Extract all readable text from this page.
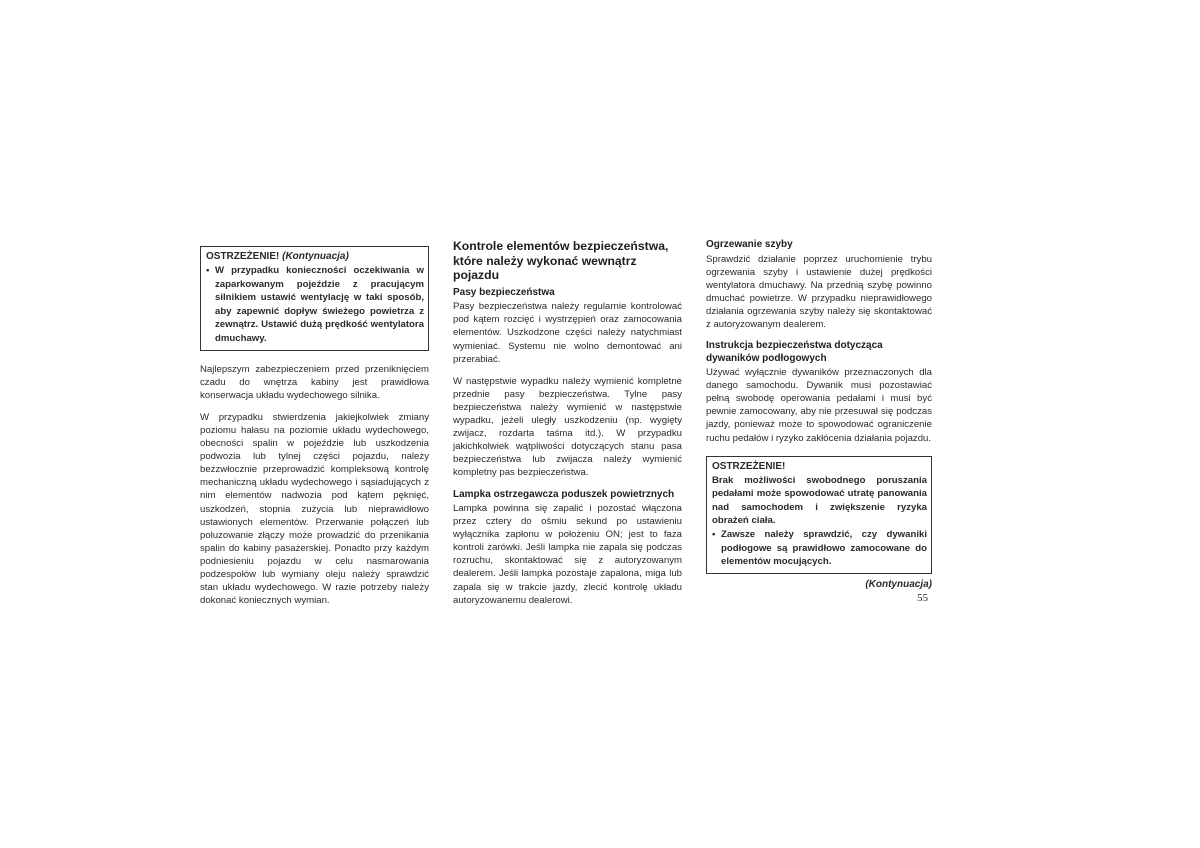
OSTRZEŻENIE! (Kontynuacja)
• W przypadku konieczności oczekiwania w zaparkowanym pojeździe z pracującym silnikiem ustawić wentylację w taki sposób, aby zapewnić dopływ świeżego powietrza z zewnątrz. Ustawić dużą prędkość wentylatora dmuchawy.

Najlepszym zabezpieczeniem przed przeniknięciem czadu do wnętrza kabiny jest prawidłowa konserwacja układu wydechowego silnika.

W przypadku stwierdzenia jakiejkolwiek zmiany poziomu hałasu na poziomie układu wydechowego, obecności spalin w pojeździe lub uszkodzenia podwozia lub tylnej części pojazdu, należy bezzwłocznie przeprowadzić kompleksową kontrolę mechaniczną układu wydechowego i sąsiadujących z nim elementów nadwozia pod kątem pęknięć, uszkodzeń, stopnia zużycia lub nieprawidłowo ustawionych elementów. Przerwanie połączeń lub poluzowanie złączy może prowadzić do przenikania spalin do kabiny pasażerskiej. Ponadto przy każdym podniesieniu pojazdu w celu nasmarowania podzespołów lub wymiany oleju należy sprawdzić stan układu wydechowego. W razie potrzeby należy dokonać koniecznych wymian.

Kontrole elementów bezpieczeństwa, które należy wykonać wewnątrz pojazdu
Pasy bezpieczeństwa

Pasy bezpieczeństwa należy regularnie kontrolować pod kątem rozcięć i wystrzępień oraz zamocowania elementów. Uszkodzone części należy natychmiast wymieniać. Systemu nie wolno demontować ani przerabiać.

W następstwie wypadku należy wymienić kompletne przednie pasy bezpieczeństwa. Tylne pasy bezpieczeństwa należy wymienić w następstwie wypadku, jeżeli uległy uszkodzeniu (np. wygięty zwijacz, rozdarta taśma itd.). W przypadku jakichkolwiek wątpliwości dotyczących stanu pasa bezpieczeństwa lub zwijacza należy wymienić kompletny pas bezpieczeństwa.

Lampka ostrzegawcza poduszek powietrznych

Lampka powinna się zapalić i pozostać włączona przez cztery do ośmiu sekund po ustawieniu wyłącznika zapłonu w położeniu ON; jest to faza kontroli żarówki. Jeśli lampka nie zapala się podczas rozruchu, skontaktować się z autoryzowanym dealerem. Jeśli lampka pozostaje zapalona, miga lub zapala się w trakcie jazdy, zlecić kontrolę układu autoryzowanemu dealerowi.

Ogrzewanie szyby

Sprawdzić działanie poprzez uruchomienie trybu ogrzewania szyby i ustawienie dużej prędkości wentylatora dmuchawy. Na przednią szybę powinno dmuchać powietrze. W przypadku nieprawidłowego działania ogrzewania szyby należy się skontaktować z autoryzowanym dealerem.

Instrukcja bezpieczeństwa dotycząca dywaników podłogowych

Używać wyłącznie dywaników przeznaczonych dla danego samochodu. Dywanik musi pozostawiać pełną swobodę operowania pedałami i musi być pewnie zamocowany, aby nie przesuwał się podczas jazdy, ponieważ może to spowodować ograniczenie ruchu pedałów i ryzyko zakłócenia działania pojazdu.

OSTRZEŻENIE!

Brak możliwości swobodnego poruszania pedałami może spowodować utratę panowania nad samochodem i zwiększenie ryzyka obrażeń ciała.

• Zawsze należy sprawdzić, czy dywaniki podłogowe są prawidłowo zamocowane do elementów mocujących.

(Kontynuacja)
55
